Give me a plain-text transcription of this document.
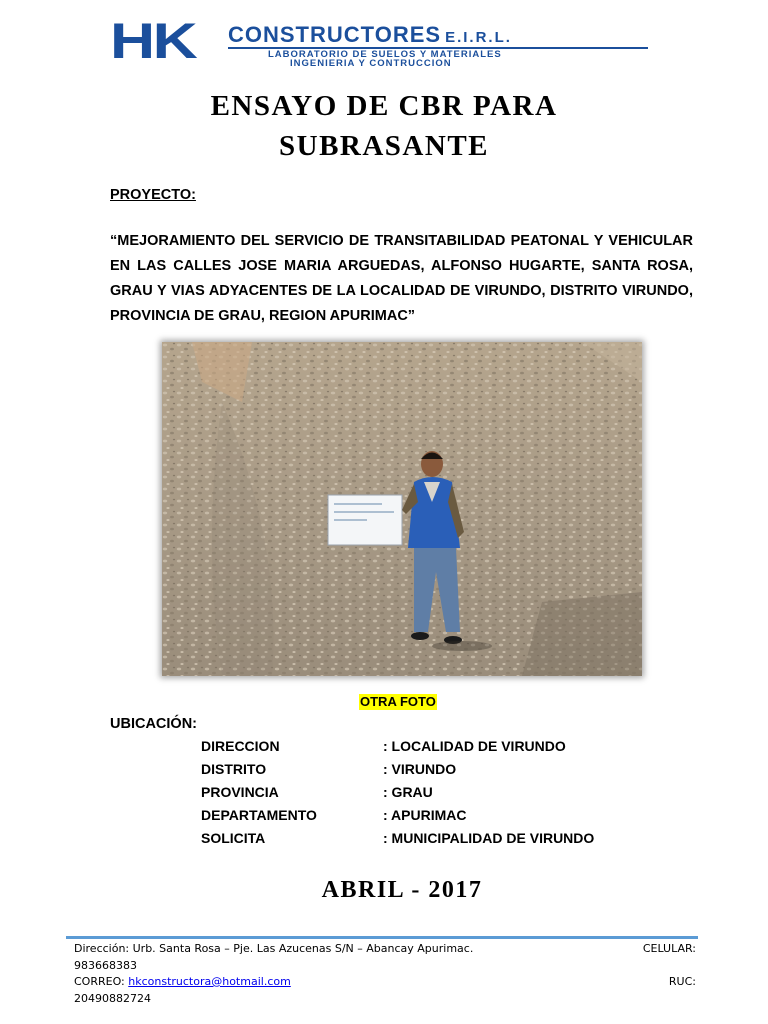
HK CONSTRUCTORES E.I.R.L.
LABORATORIO DE SUELOS Y MATERIALES
INGENIERIA Y CONTRUCCION
ENSAYO DE CBR PARA
SUBRASANTE
PROYECTO:

“MEJORAMIENTO DEL SERVICIO DE TRANSITABILIDAD PEATONAL Y VEHICULAR EN LAS CALLES JOSE MARIA ARGUEDAS, ALFONSO HUGARTE, SANTA ROSA, GRAU Y VIAS ADYACENTES DE LA LOCALIDAD DE VIRUNDO, DISTRITO VIRUNDO, PROVINCIA DE GRAU, REGION APURIMAC”

OTRA FOTO
UBICACIÓN:
DIRECCION	: LOCALIDAD DE VIRUNDO
DISTRITO	: VIRUNDO
PROVINCIA	: GRAU
DEPARTAMENTO	: APURIMAC
SOLICITA	: MUNICIPALIDAD DE VIRUNDO
ABRIL - 2017
Dirección: Urb. Santa Rosa – Pje. Las Azucenas S/N – Abancay Apurimac.	CELULAR:
983668383
CORREO: hkconstructora@hotmail.com	RUC:
20490882724
